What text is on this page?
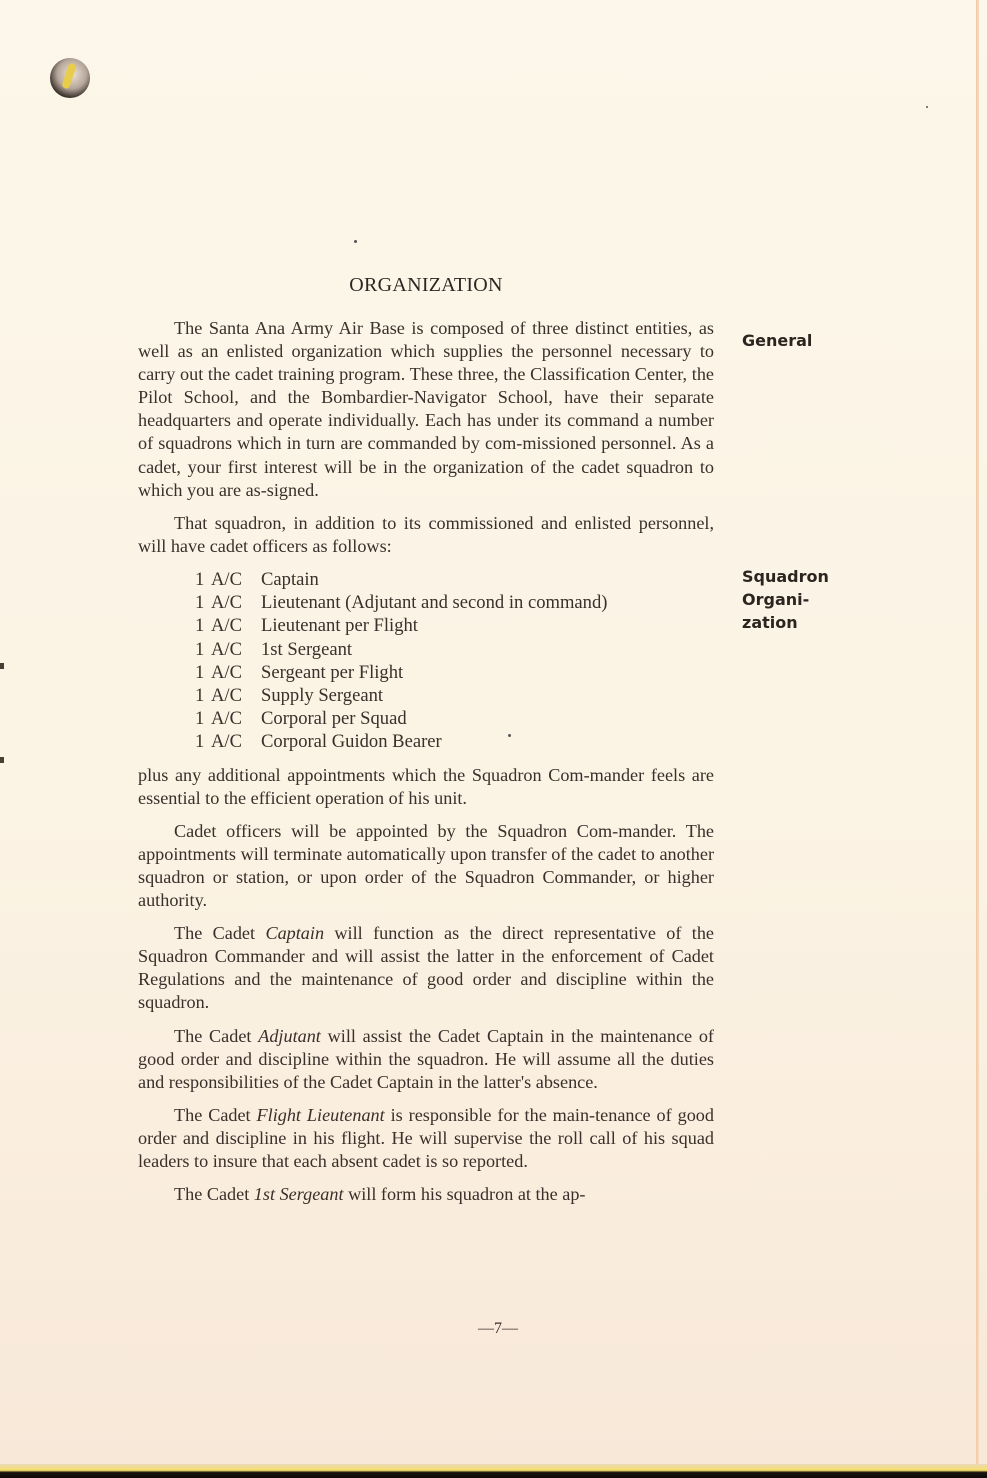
General
Squadron
Organi-
zation
ORGANIZATION

The Santa Ana Army Air Base is composed of three distinct entities, as well as an enlisted organization which supplies the personnel necessary to carry out the cadet training program. These three, the Classification Center, the Pilot School, and the Bombardier-Navigator School, have their separate headquarters and operate individually. Each has under its command a number of squadrons which in turn are commanded by com-missioned personnel. As a cadet, your first interest will be in the organization of the cadet squadron to which you are as-signed.

That squadron, in addition to its commissioned and enlisted personnel, will have cadet officers as follows:

1 A/C Captain
1 A/C Lieutenant (Adjutant and second in command)
1 A/C Lieutenant per Flight
1 A/C 1st Sergeant
1 A/C Sergeant per Flight
1 A/C Supply Sergeant
1 A/C Corporal per Squad
1 A/C Corporal Guidon Bearer

plus any additional appointments which the Squadron Com-mander feels are essential to the efficient operation of his unit.

Cadet officers will be appointed by the Squadron Com-mander. The appointments will terminate automatically upon transfer of the cadet to another squadron or station, or upon order of the Squadron Commander, or higher authority.

The Cadet Captain will function as the direct representative of the Squadron Commander and will assist the latter in the enforcement of Cadet Regulations and the maintenance of good order and discipline within the squadron.

The Cadet Adjutant will assist the Cadet Captain in the maintenance of good order and discipline within the squadron. He will assume all the duties and responsibilities of the Cadet Captain in the latter's absence.

The Cadet Flight Lieutenant is responsible for the main-tenance of good order and discipline in his flight. He will supervise the roll call of his squad leaders to insure that each absent cadet is so reported.

The Cadet 1st Sergeant will form his squadron at the ap-

—7—
